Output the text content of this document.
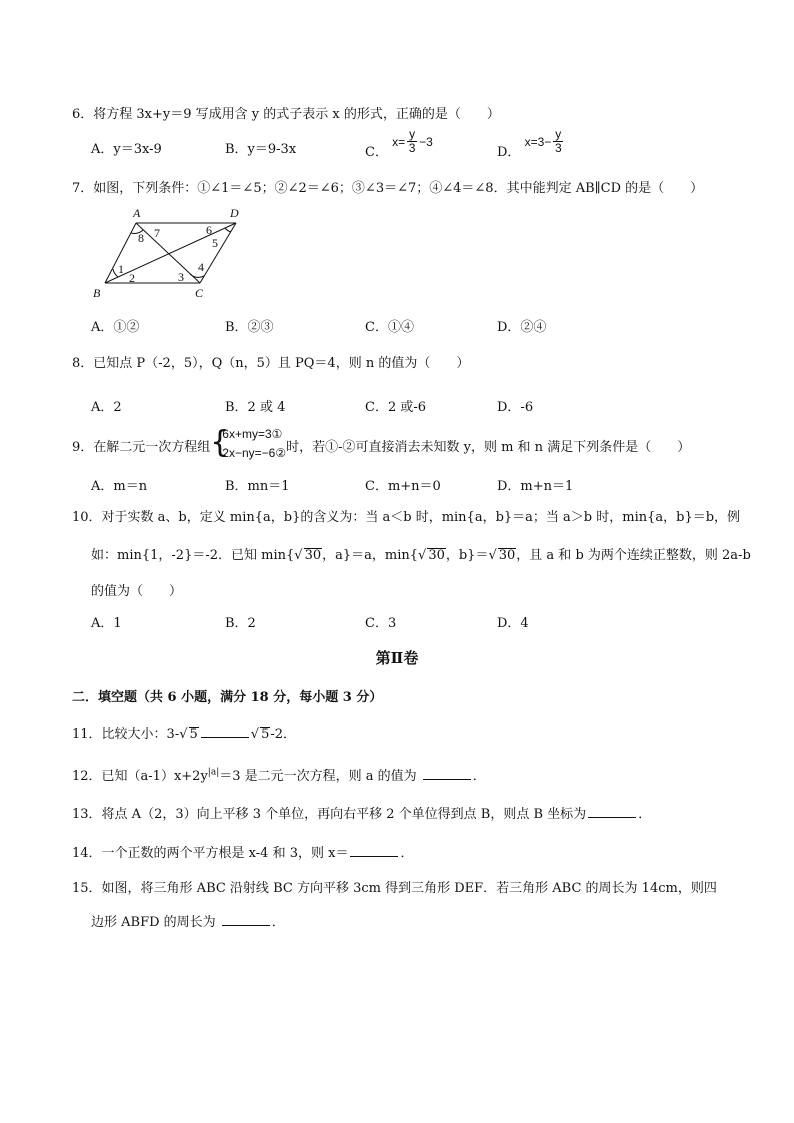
6．将方程 3x+y＝9 写成用含 y 的式子表示 x 的形式，正确的是（　　）
A．y＝3x-9	B．y＝9-3x	C．
$x= \frac{y}{3} -3$
D．
$x=3- \frac{y}{3}$
7．如图，下列条件：①∠1＝∠5；②∠2＝∠6；③∠3＝∠7；④∠4＝∠8．其中能判定 AB∥CD 的是（　　）
A	D
B	C
1
2	3
4
5
6
7
8
A．①②	B．②③	C．①④	D．②④
8．已知点 P（-2，5），Q（n，5）且 PQ＝4，则 n 的值为（　　）
A．2	B．2 或 4	C．2 或-6	D．-6
9．在解二元一次方程组 {
6x+my=3①
2x−ny=−6② 时，若①-②可直接消去未知数 y，则 m 和 n 满足下列条件是（　　）
A．m＝n	B．mn＝1	C．m+n＝0	D．m+n＝1
10．对于实数 a、b，定义 min{a，b}的含义为：当 a＜b 时，min{a，b}＝a；当 a＞b 时，min{a，b}＝b，例
如：min{1，-2}＝-2．已知 min{√ 30，a}＝a，min{√ 30，b}＝√ 30，且 a 和 b 为两个连续正整数，则 2a-b
的值为（　　）
A．1	B．2	C．3	D．4
第Ⅱ卷
二．填空题（共 6 小题，满分 18 分，每小题 3 分）
11．比较大小：3-√ 5	√ 5-2．
12．已知$(a-1)x+2y^{|a|}=3$ 是二元一次方程，则 a 的值为	．
13．将点 A（2，3）向上平移 3 个单位，再向右平移 2 个单位得到点 B，则点 B 坐标为	．
14．一个正数的两个平方根是 x-4 和 3，则 x＝	．
15．如图，将三角形 ABC 沿射线 BC 方向平移 3cm 得到三角形 DEF．若三角形 ABC 的周长为 14cm，则四
边形 ABFD 的周长为	．
